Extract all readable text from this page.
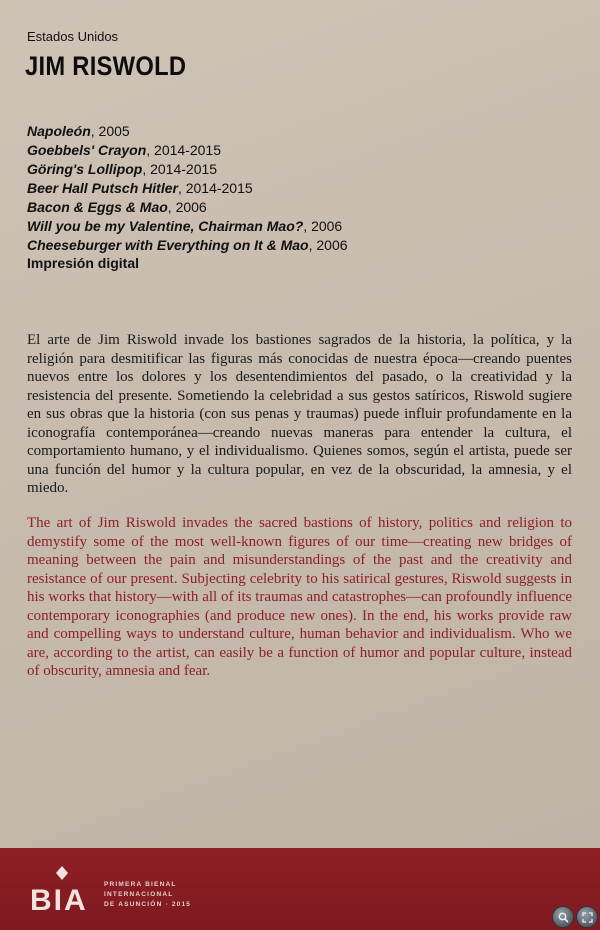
Estados Unidos

JIM RISWOLD
Napoleón, 2005
Goebbels' Crayon, 2014-2015
Göring's Lollipop, 2014-2015
Beer Hall Putsch Hitler, 2014-2015
Bacon & Eggs & Mao, 2006
Will you be my Valentine, Chairman Mao?, 2006
Cheeseburger with Everything on It & Mao, 2006

Impresión digital

El arte de Jim Riswold invade los bastiones sagrados de la historia, la política, y la religión para desmitificar las figuras más conocidas de nuestra época—creando puentes nuevos entre los dolores y los desentendimientos del pasado, o la creatividad y la resistencia del presente. Sometiendo la celebridad a sus gestos satíricos, Riswold sugiere en sus obras que la historia (con sus penas y traumas) puede influir profundamente en la iconografía contemporánea—creando nuevas maneras para entender la cultura, el comportamiento humano, y el individualismo. Quienes somos, según el artista, puede ser una función del humor y la cultura popular, en vez de la obscuridad, la amnesia, y el miedo.

The art of Jim Riswold invades the sacred bastions of history, politics and religion to demystify some of the most well-known figures of our time—creating new bridges of meaning between the pain and misunderstandings of the past and the creativity and resistance of our present. Subjecting celebrity to his satirical gestures, Riswold suggests in his works that history—with all of its traumas and catastrophes—can profoundly influence contemporary iconographies (and produce new ones). In the end, his works provide raw and compelling ways to understand culture, human behavior and individualism. Who we are, according to the artist, can easily be a function of humor and popular culture, instead of obscurity, amnesia and fear.

BIA	PRIMERA BIENAL

INTERNACIONAL

DE ASUNCIÓN · 2015
